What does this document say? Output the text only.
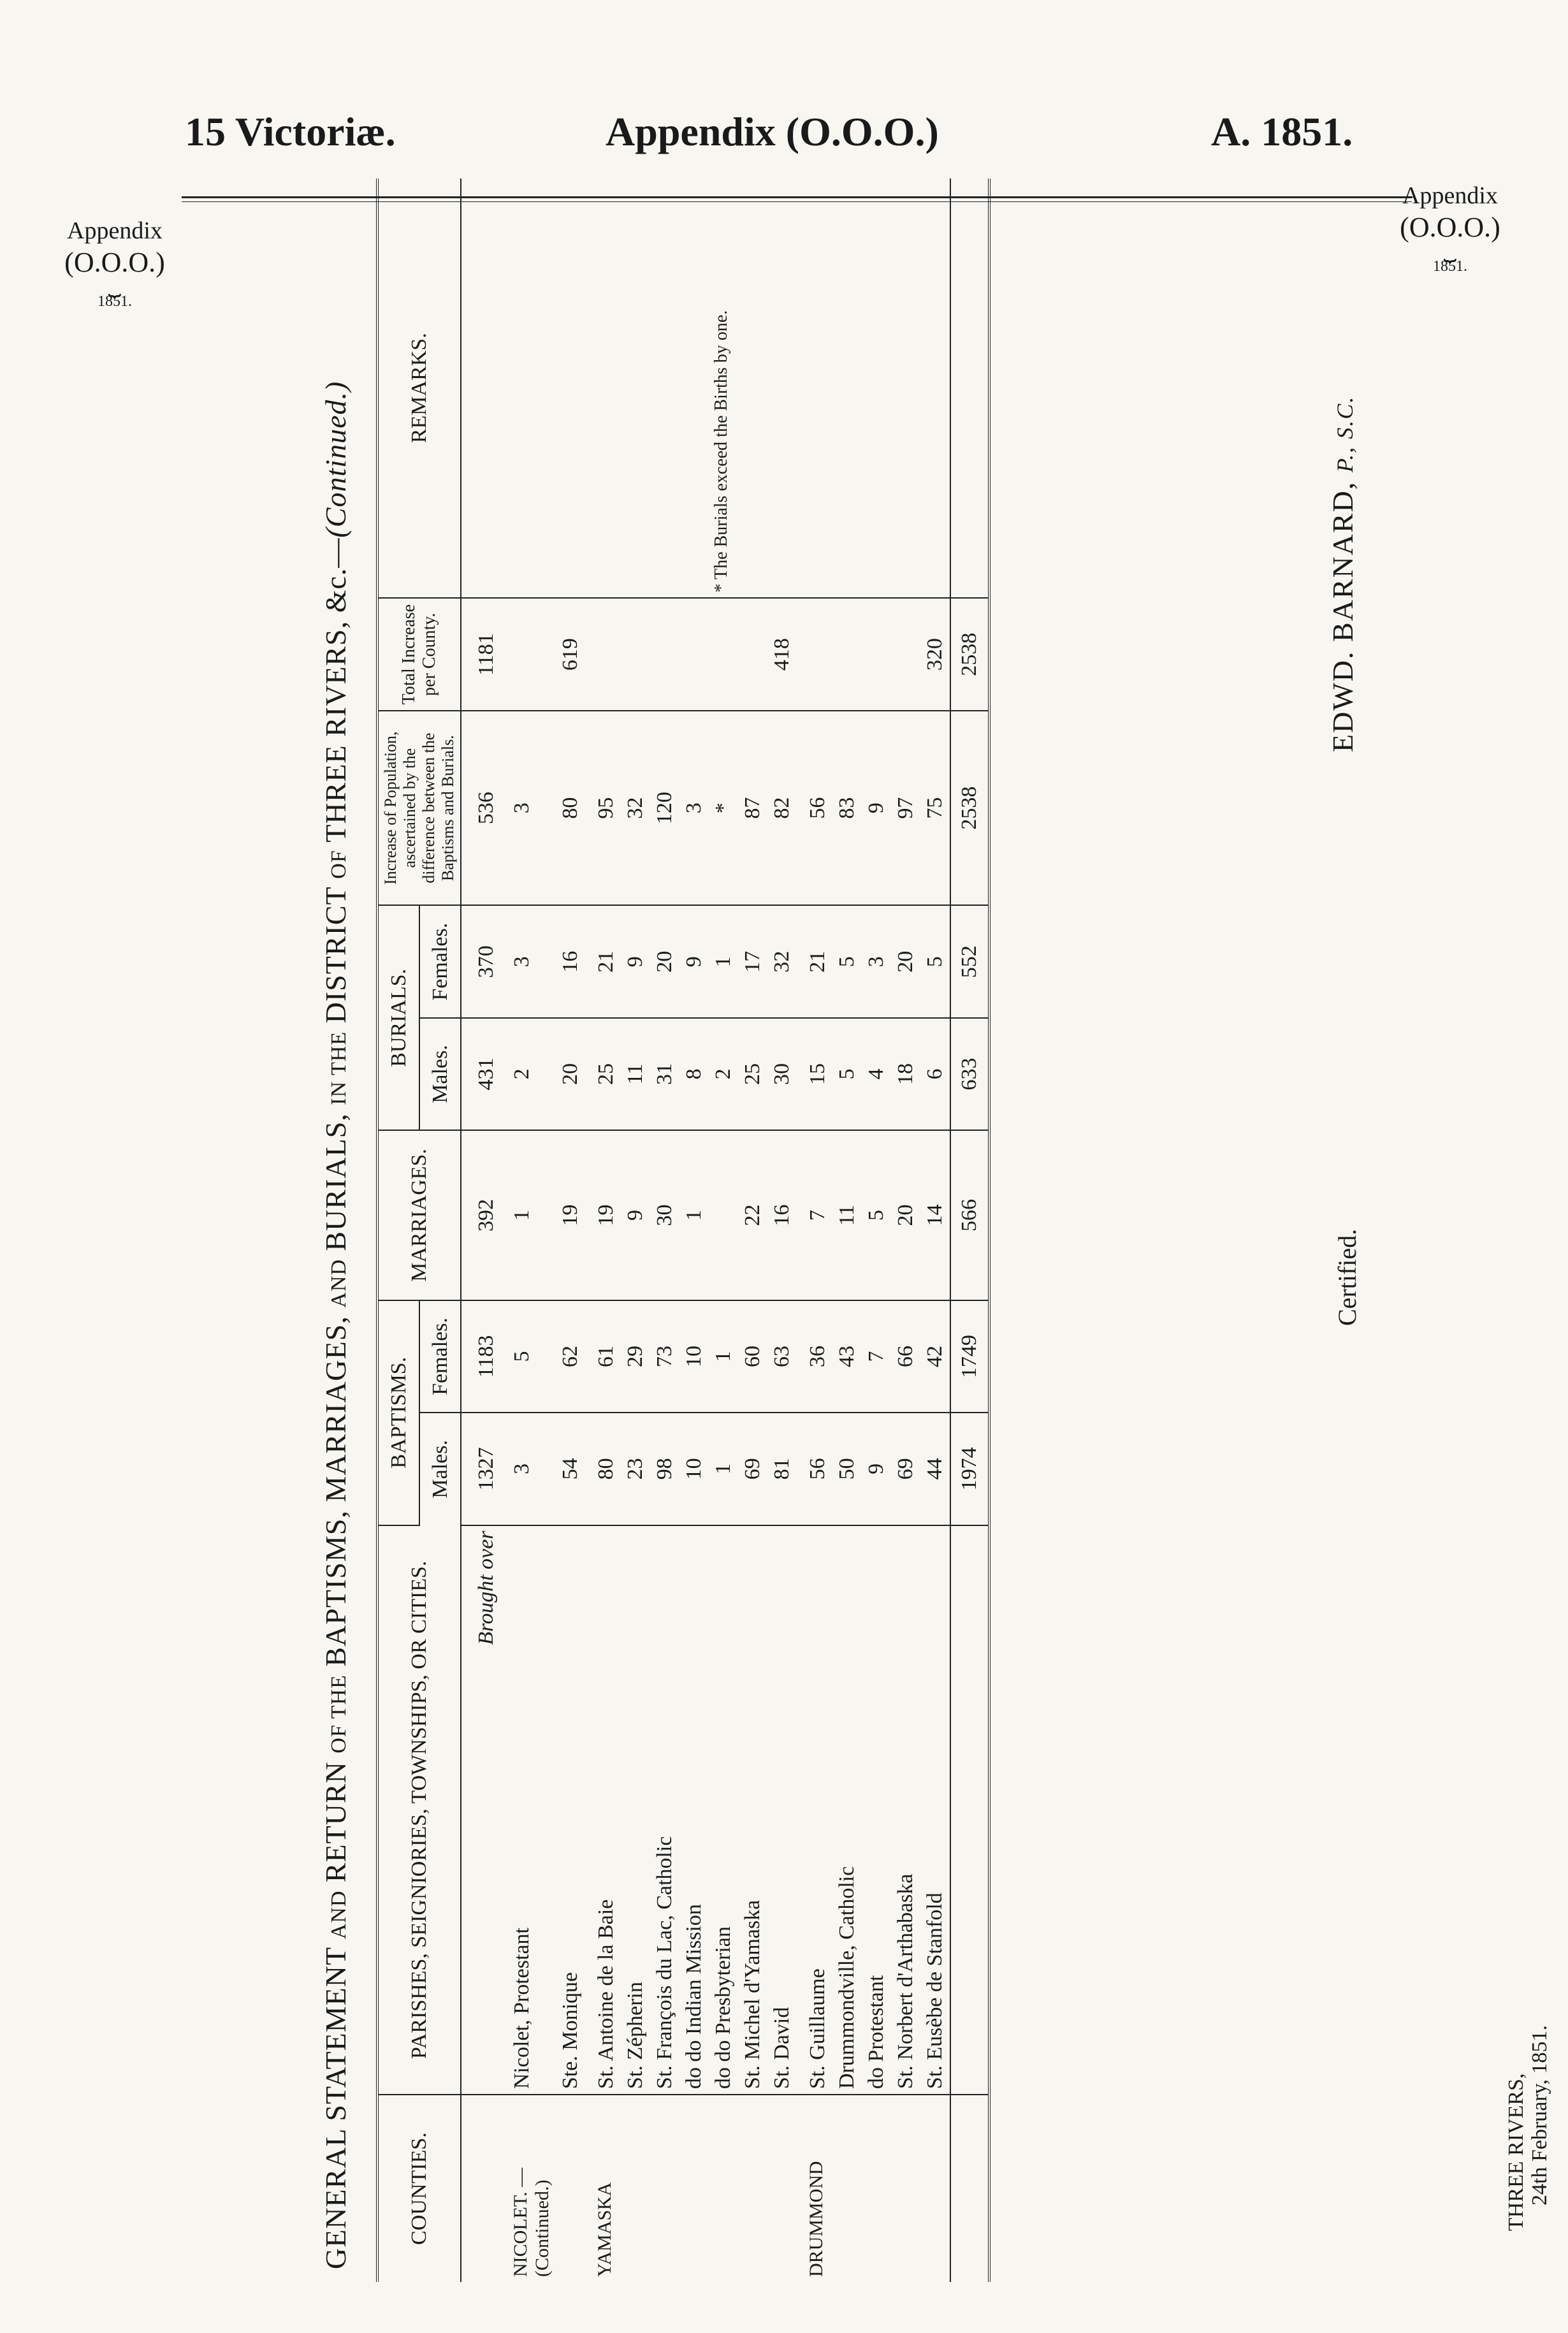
15 Victoriæ.	Appendix (O.O.O.)	A. 1851.
Appendix
(O.O.O.)
⏟
1851.
Appendix
(O.O.O.)
⏟
1851.
GENERAL STATEMENT AND RETURN OF THE BAPTISMS, MARRIAGES, AND BURIALS, IN THE DISTRICT OF THREE RIVERS, &c.—(Continued.)
COUNTIES.	PARISHES, SEIGNIORIES, TOWNSHIPS, OR CITIES.	BAPTISMS.		MARRIAGES.	BURIALS.		Increase of Population, ascertained by the difference between the Baptisms and Burials.	Total Increase per County.	REMARKS.
		Males.	Females.		Males.	Females.			
	Brought over	1327	1183	392	431	370	536	1181	
NICOLET. — (Continued.)	Nicolet, Protestant	3	5	1	2	3	3		
	Ste. Monique	54	62	19	20	16	80	619	
YAMASKA	St. Antoine de la Baie	80	61	19	25	21	95		
	St. Zépherin	23	29	9	11	9	32		
	St. François du Lac, Catholic	98	73	30	31	20	120		
	do do Indian Mission	10	10	1	8	9	3		
	do do Presbyterian	1	1		2	1	*		* The Burials exceed the Births by one.
	St. Michel d'Yamaska	69	60	22	25	17	87		
	St. David	81	63	16	30	32	82	418	
DRUMMOND	St. Guillaume	56	36	7	15	21	56		
	Drummondville, Catholic	50	43	11	5	5	83		
	do Protestant	9	7	5	4	3	9		
	St. Norbert d'Arthabaska	69	66	20	18	20	97		
	St. Eusèbe de Stanfold	44	42	14	6	5	75	320	
		1974	1749	566	633	552	2538	2538	
Certified.
EDWD. BARNARD, P., S.C.
THREE RIVERS, 24th February, 1851.
